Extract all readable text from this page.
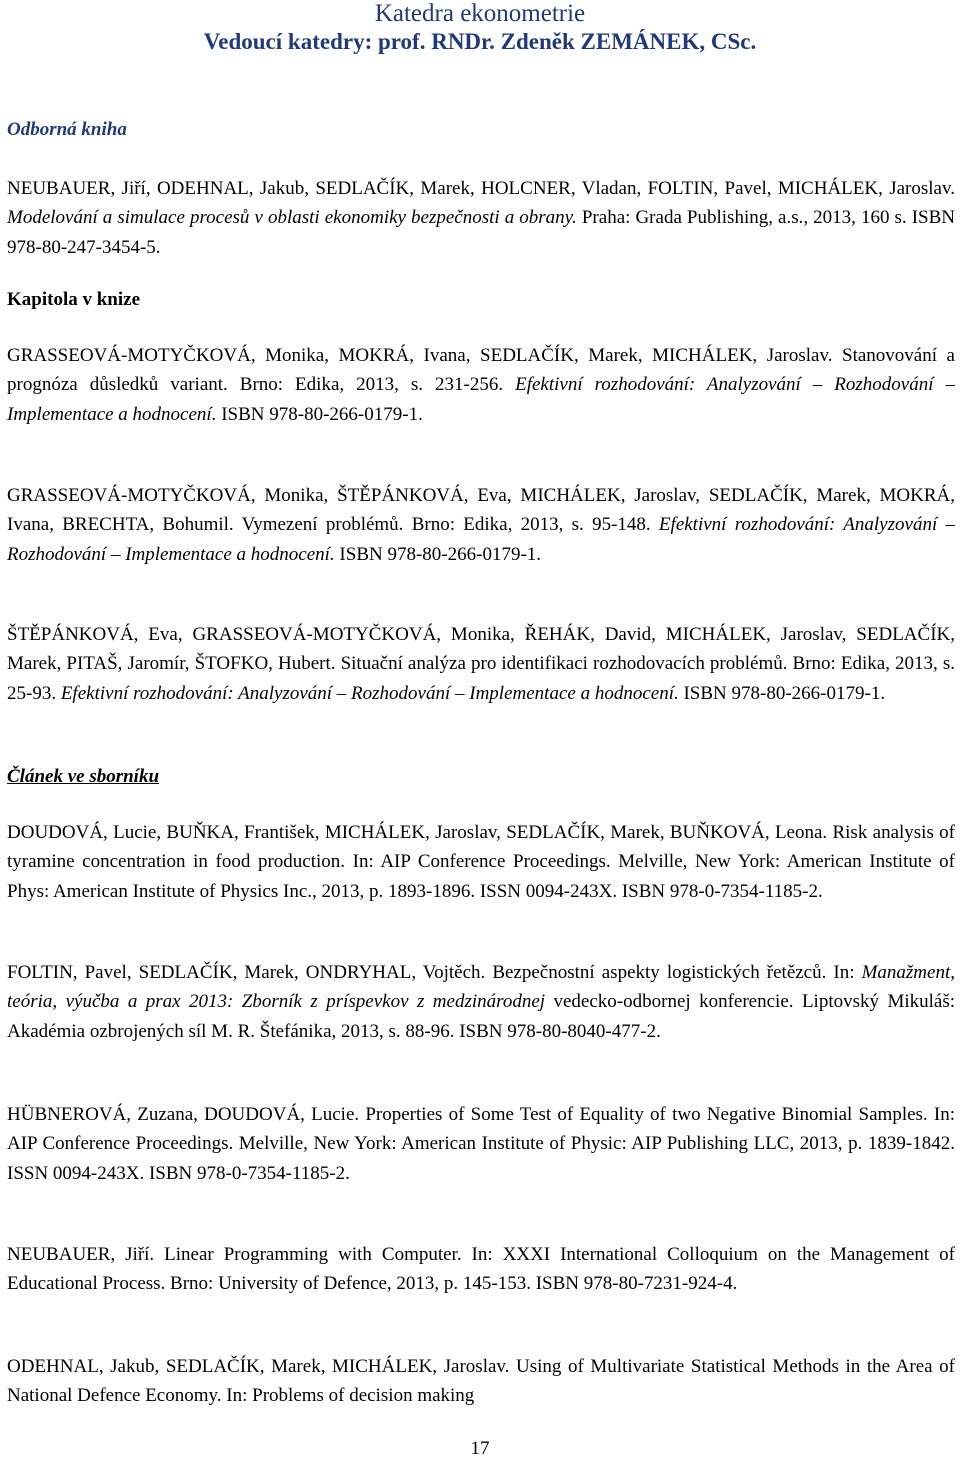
Katedra ekonometrie
Vedoucí katedry: prof. RNDr. Zdeněk ZEMÁNEK, CSc.
Odborná kniha
NEUBAUER, Jiří, ODEHNAL, Jakub, SEDLAČÍK, Marek, HOLCNER, Vladan, FOLTIN, Pavel, MICHÁLEK, Jaroslav. Modelování a simulace procesů v oblasti ekonomiky bezpečnosti a obrany. Praha: Grada Publishing, a.s., 2013, 160 s. ISBN 978-80-247-3454-5.
Kapitola v knize
GRASSEOVÁ-MOTYČKOVÁ, Monika, MOKRÁ, Ivana, SEDLAČÍK, Marek, MICHÁLEK, Jaroslav. Stanovování a prognóza důsledků variant. Brno: Edika, 2013, s. 231-256. Efektivní rozhodování: Analyzování – Rozhodování – Implementace a hodnocení. ISBN 978-80-266-0179-1.
GRASSEOVÁ-MOTYČKOVÁ, Monika, ŠTĚPÁNKOVÁ, Eva, MICHÁLEK, Jaroslav, SEDLAČÍK, Marek, MOKRÁ, Ivana, BRECHTA, Bohumil. Vymezení problémů. Brno: Edika, 2013, s. 95-148. Efektivní rozhodování: Analyzování – Rozhodování – Implementace a hodnocení. ISBN 978-80-266-0179-1.
ŠTĚPÁNKOVÁ, Eva, GRASSEOVÁ-MOTYČKOVÁ, Monika, ŘEHÁK, David, MICHÁLEK, Jaroslav, SEDLAČÍK, Marek, PITAŠ, Jaromír, ŠTOFKO, Hubert. Situační analýza pro identifikaci rozhodovacích problémů. Brno: Edika, 2013, s. 25-93. Efektivní rozhodování: Analyzování – Rozhodování – Implementace a hodnocení. ISBN 978-80-266-0179-1.
Článek ve sborníku
DOUDOVÁ, Lucie, BUŇKA, František, MICHÁLEK, Jaroslav, SEDLAČÍK, Marek, BUŇKOVÁ, Leona. Risk analysis of tyramine concentration in food production. In: AIP Conference Proceedings. Melville, New York: American Institute of Phys: American Institute of Physics Inc., 2013, p. 1893-1896. ISSN 0094-243X. ISBN 978-0-7354-1185-2.
FOLTIN, Pavel, SEDLAČÍK, Marek, ONDRYHAL, Vojtěch. Bezpečnostní aspekty logistických řetězců. In: Manažment, teória, výučba a prax 2013: Zborník z príspevkov z medzinárodnej vedecko-odbornej konferencie. Liptovský Mikuláš: Akadémia ozbrojených síl M. R. Štefánika, 2013, s. 88-96. ISBN 978-80-8040-477-2.
HÜBNEROVÁ, Zuzana, DOUDOVÁ, Lucie. Properties of Some Test of Equality of two Negative Binomial Samples. In: AIP Conference Proceedings. Melville, New York: American Institute of Physic: AIP Publishing LLC, 2013, p. 1839-1842. ISSN 0094-243X. ISBN 978-0-7354-1185-2.
NEUBAUER, Jiří. Linear Programming with Computer. In: XXXI International Colloquium on the Management of Educational Process. Brno: University of Defence, 2013, p. 145-153. ISBN 978-80-7231-924-4.
ODEHNAL, Jakub, SEDLAČÍK, Marek, MICHÁLEK, Jaroslav. Using of Multivariate Statistical Methods in the Area of National Defence Economy. In: Problems of decision making
17
